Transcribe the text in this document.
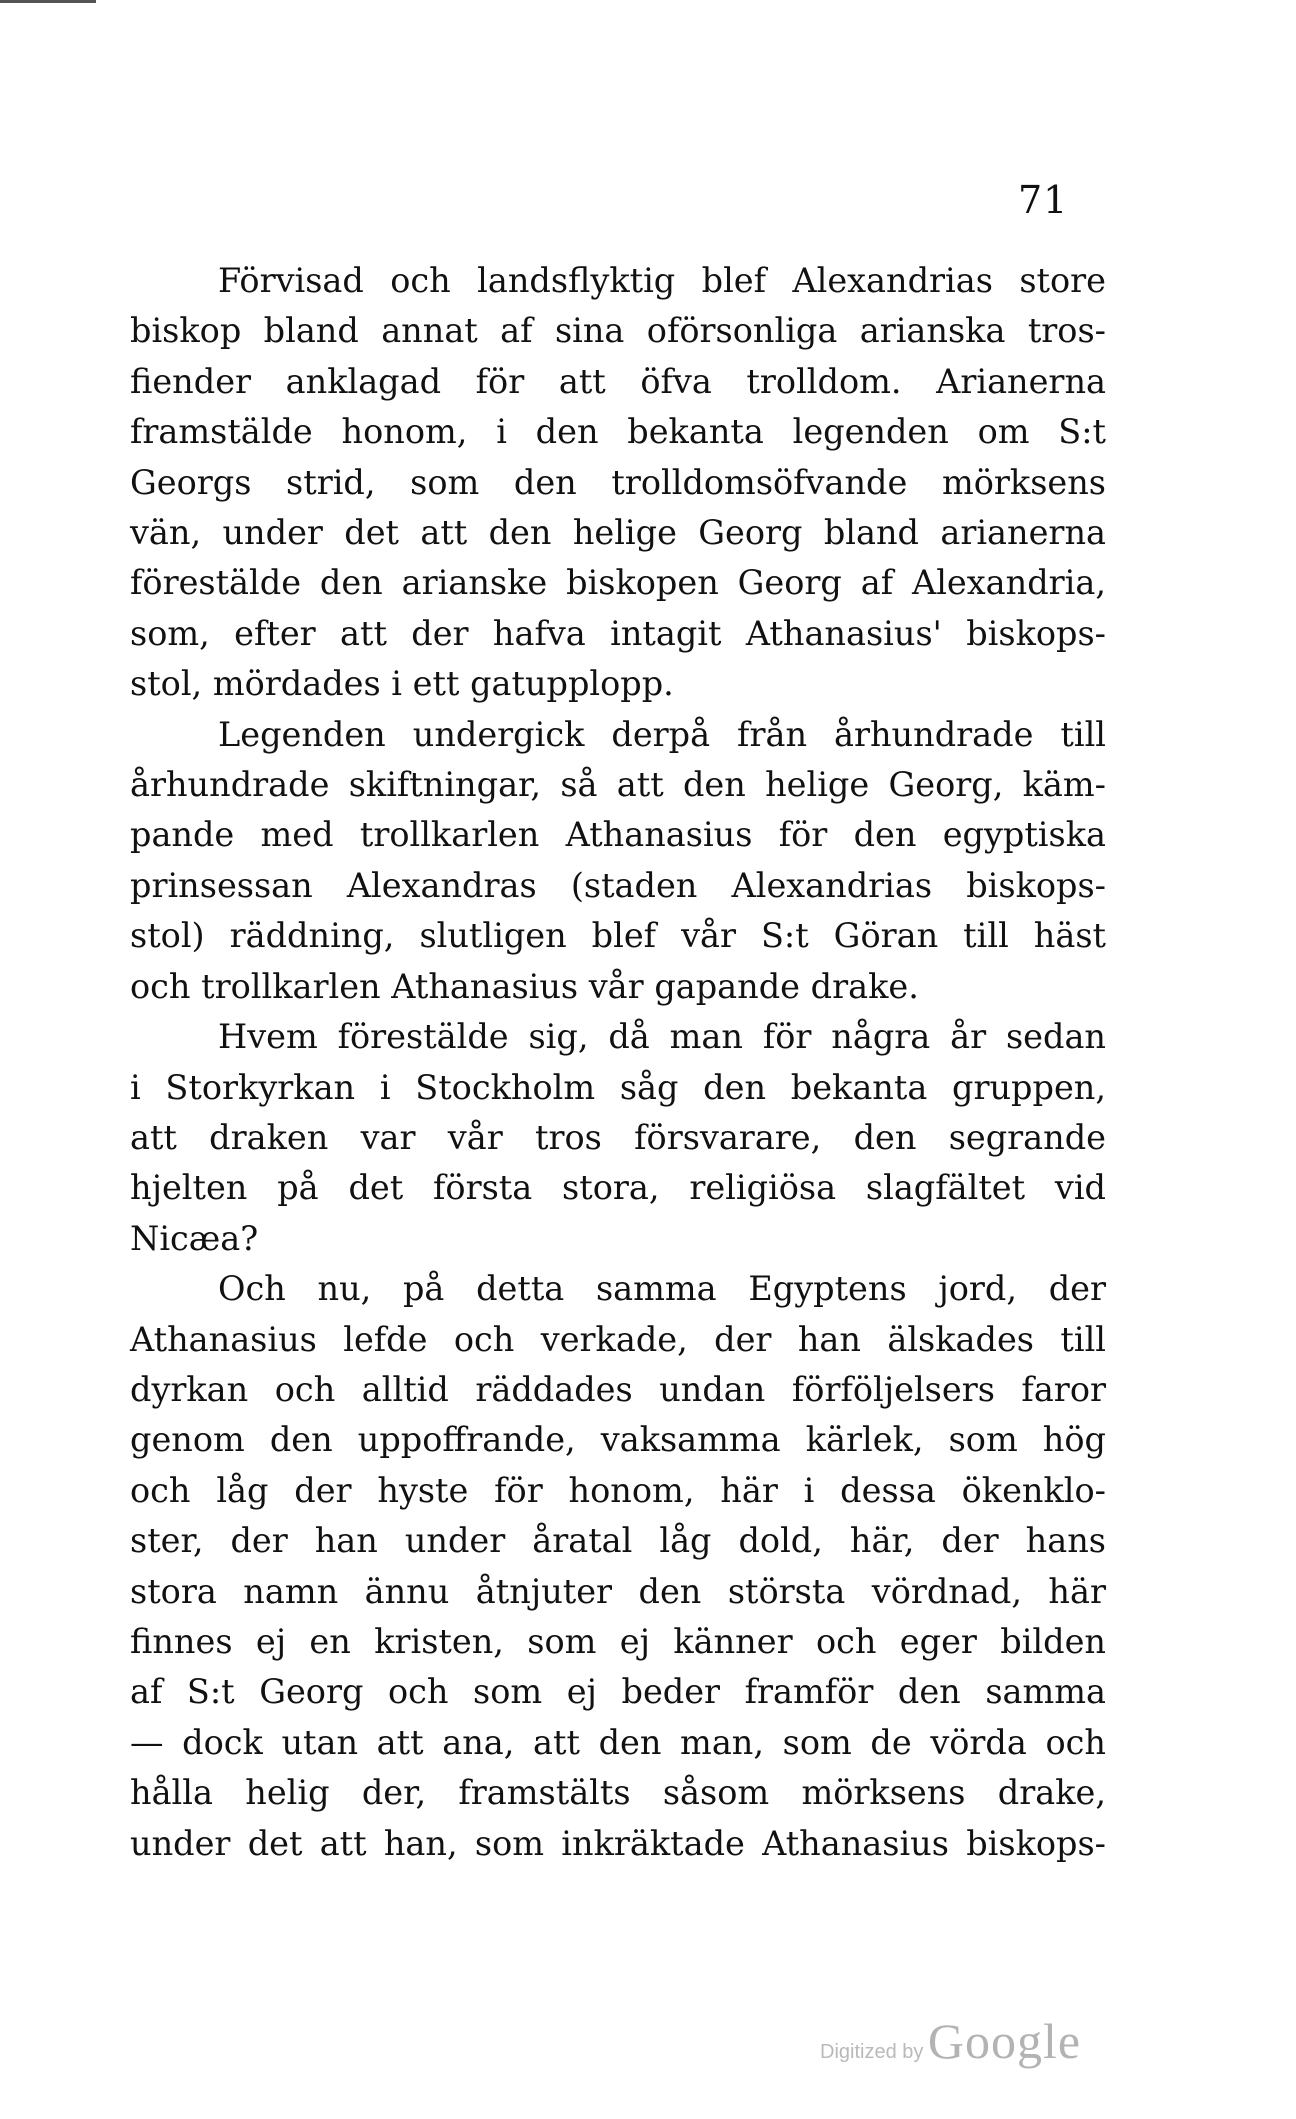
71
Förvisad och landsflyktig blef Alexandrias store
biskop bland annat af sina oförsonliga arianska tros-
fiender anklagad för att öfva trolldom. Arianerna
framstälde honom, i den bekanta legenden om S:t
Georgs strid, som den trolldomsöfvande mörksens
vän, under det att den helige Georg bland arianerna
förestälde den arianske biskopen Georg af Alexandria,
som, efter att der hafva intagit Athanasius' biskops-
stol, mördades i ett gatupplopp.
Legenden undergick derpå från århundrade till
århundrade skiftningar, så att den helige Georg, käm-
pande med trollkarlen Athanasius för den egyptiska
prinsessan Alexandras (staden Alexandrias biskops-
stol) räddning, slutligen blef vår S:t Göran till häst
och trollkarlen Athanasius vår gapande drake.
Hvem förestälde sig, då man för några år sedan
i Storkyrkan i Stockholm såg den bekanta gruppen,
att draken var vår tros försvarare, den segrande
hjelten på det första stora, religiösa slagfältet vid
Nicæa?
Och nu, på detta samma Egyptens jord, der
Athanasius lefde och verkade, der han älskades till
dyrkan och alltid räddades undan förföljelsers faror
genom den uppoffrande, vaksamma kärlek, som hög
och låg der hyste för honom, här i dessa ökenklo-
ster, der han under åratal låg dold, här, der hans
stora namn ännu åtnjuter den största vördnad, här
finnes ej en kristen, som ej känner och eger bilden
af S:t Georg och som ej beder framför den samma
— dock utan att ana, att den man, som de vörda och
hålla helig der, framstälts såsom mörksens drake,
under det att han, som inkräktade Athanasius biskops-
Digitized by Google
